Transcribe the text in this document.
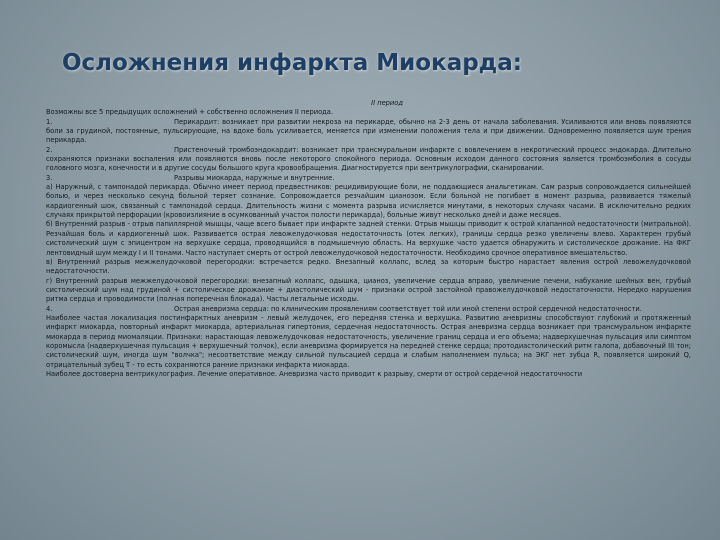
Осложнения инфаркта Миокарда:

II период

Возможны все 5 предыдущих осложнений + собственно осложнения II периода.

1.	Перикардит: возникает при развитии некроза на перикарде, обычно на 2-3 день от начала заболевания. Усиливаются или вновь появляются боли за грудиной, постоянные, пульсирующие, на вдохе боль усиливается, меняется при изменении положения тела и при движении. Одновременно появляется шум трения перикарда.

2.	Пристеночный тромбоэндокардит: возникает при трансмуральном инфаркте с вовлечением в некротический процесс эндокарда. Длительно сохраняются признаки воспаления или появляются вновь после некоторого спокойного периода. Основным исходом данного состояния является тромбоэмболия в сосуды головного мозга, конечности и в другие сосуды большого круга кровообращения. Диагностируется при вентрикулографии, сканировании.

3.	Разрывы миокарда, наружные и внутренние.

а) Наружный, с тампонадой перикарда. Обычно имеет период предвестников: рецидивирующие боли, не поддающиеся анальгетикам. Сам разрыв сопровождается сильнейшей болью, и через несколько секунд больной теряет сознание. Сопровождается резчайшим цианозом. Если больной не погибает в момент разрыва, развивается тяжелый кардиогенный шок, связанный с тампонадой сердца. Длительность жизни с момента разрыва исчисляется минутами, в некоторых случаях часами. В исключительно редких случаях прикрытой перфорации (кровоизлияние в осумкованный участок полости перикарда), больные живут несколько дней и даже месяцев.

б) Внутренний разрыв - отрыв папиллярной мышцы, чаще всего бывает при инфаркте задней стенки. Отрыв мышцы приводит к острой клапанной недостаточности (митральной). Резчайшая боль и кардиогенный шок. Развивается острая левожелудочковая недостаточность (отек легких), границы сердца резко увеличены влево. Характерен грубый систолический шум с эпицентром на верхушке сердца, проводящийся в подмышечную область. На верхушке часто удается обнаружить и систолическое дрожание. На ФКГ лентовидный шум между I и II тонами. Часто наступает смерть от острой левожелудочковой недостаточности. Необходимо срочное оперативное вмешательство.

в) Внутренний разрыв межжелудочковой перегородки: встречается редко. Внезапный коллапс, вслед за которым быстро нарастает явления острой левожелудочковой недостаточности.

г) Внутренний разрыв межжелудочковой перегородки: внезапный коллапс, одышка, цианоз, увеличение сердца вправо, увеличение печени, набухание шейных вен, грубый систолический шум над грудиной + систолическое дрожание + диастолический шум - признаки острой застойной правожелудочковой недостаточности. Нередко нарушения ритма сердца и проводимости (полная поперечная блокада). Часты летальные исходы.

4.	Острая аневризма сердца: по клиническим проявлениям соответствует той или иной степени острой сердечной недостаточности.

Наиболее частая локализация постинфарктных аневризм - левый желудочек, его передняя стенка и верхушка. Развитию аневризмы способствуют глубокий и протяженный инфаркт миокарда, повторный инфаркт миокарда, артериальная гипертония, сердечная недостаточность. Острая аневризма сердца возникает при трансмуральном инфаркте миокарда в период миомаляции. Признаки: нарастающая левожелудочковая недостаточность, увеличение границ сердца и его объема; надверхушечная пульсация или симптом коромысла (надверхушечная пульсация + верхушечный толчок), если аневризма формируется на передней стенке сердца; протодиастолический ритм галопа, добавочный III тон; систолический шум, иногда шум "волчка"; несоответствие между сильной пульсацией сердца и слабым наполнением пульса; на ЭКГ нет зубца R, появляется широкий Q, отрицательный зубец T - то есть сохраняются ранние признаки инфаркта миокарда.

Наиболее достоверна вентрикулография. Лечение оперативное. Аневризма часто приводит к разрыву, смерти от острой сердечной недостаточности
